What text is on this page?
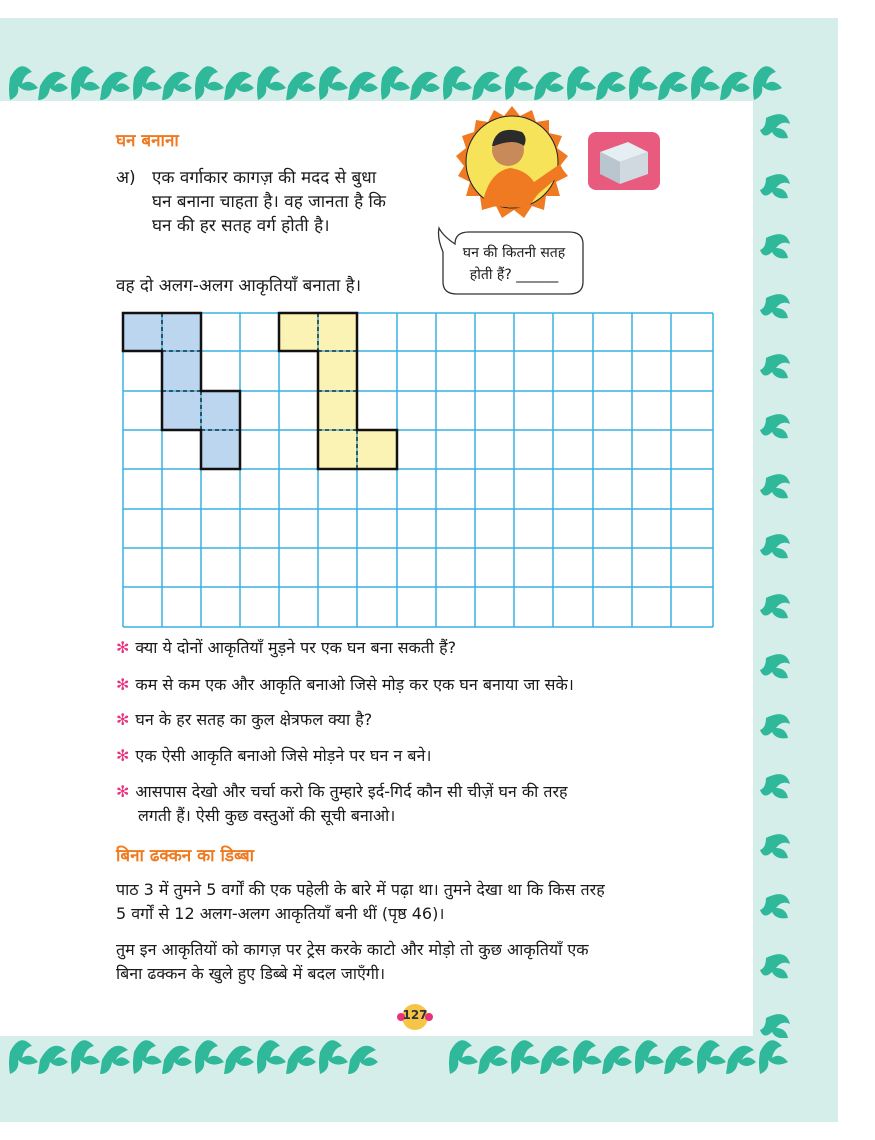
घन बनाना
अ) एक वर्गाकार कागज़ की मदद से बुधा
घन बनाना चाहता है। वह जानता है कि
घन की हर सतह वर्ग होती है।
घन की कितनी सतह
होती हैं? ______
वह दो अलग-अलग आकृतियाँ बनाता है।
✻ क्या ये दोनों आकृतियाँ मुड़ने पर एक घन बना सकती हैं?
✻ कम से कम एक और आकृति बनाओ जिसे मोड़ कर एक घन बनाया जा सके।
✻ घन के हर सतह का कुल क्षेत्रफल क्या है?
✻ एक ऐसी आकृति बनाओ जिसे मोड़ने पर घन न बने।
✻ आसपास देखो और चर्चा करो कि तुम्हारे इर्द-गिर्द कौन सी चीज़ें घन की तरह
लगती हैं। ऐसी कुछ वस्तुओं की सूची बनाओ।
बिना ढक्कन का डिब्बा
पाठ 3 में तुमने 5 वर्गों की एक पहेली के बारे में पढ़ा था। तुमने देखा था कि किस तरह
5 वर्गों से 12 अलग-अलग आकृतियाँ बनी थीं (पृष्ठ 46)।
तुम इन आकृतियों को कागज़ पर ट्रेस करके काटो और मोड़ो तो कुछ आकृतियाँ एक
बिना ढक्कन के खुले हुए डिब्बे में बदल जाएँगी।
127
